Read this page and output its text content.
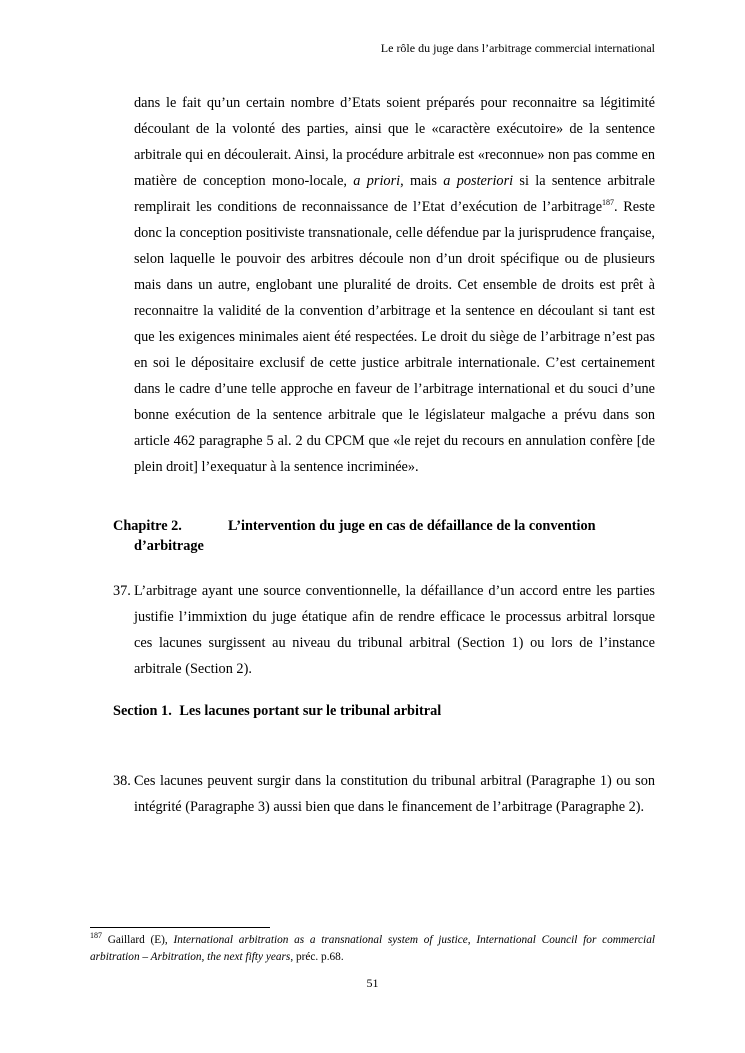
Le rôle du juge dans l’arbitrage commercial international
dans le fait qu’un certain nombre d’Etats soient préparés pour reconnaitre sa légitimité découlant de la volonté des parties, ainsi que le «caractère exécutoire» de la sentence arbitrale qui en découlerait. Ainsi, la procédure arbitrale est «reconnue» non pas comme en matière de conception mono-locale, a priori, mais a posteriori si la sentence arbitrale remplirait les conditions de reconnaissance de l’Etat d’exécution de l’arbitrage$^{187}$. Reste donc la conception positiviste transnationale, celle défendue par la jurisprudence française, selon laquelle le pouvoir des arbitres découle non d’un droit spécifique ou de plusieurs mais dans un autre, englobant une pluralité de droits. Cet ensemble de droits est prêt à reconnaitre la validité de la convention d’arbitrage et la sentence en découlant si tant est que les exigences minimales aient été respectées. Le droit du siège de l’arbitrage n’est pas en soi le dépositaire exclusif de cette justice arbitrale internationale. C’est certainement dans le cadre d’une telle approche en faveur de l’arbitrage international et du souci d’une bonne exécution de la sentence arbitrale que le législateur malgache a prévu dans son article 462 paragraphe 5 al. 2 du CPCM que «le rejet du recours en annulation confère [de plein droit] l’exequatur à la sentence incriminée».
Chapitre 2.	L’intervention du juge en cas de défaillance de la convention
d’arbitrage
37. L’arbitrage ayant une source conventionnelle, la défaillance d’un accord entre les parties justifie l’immixtion du juge étatique afin de rendre efficace le processus arbitral lorsque ces lacunes surgissent au niveau du tribunal arbitral (Section 1) ou lors de l’instance arbitrale (Section 2).
Section 1. Les lacunes portant sur le tribunal arbitral
38. Ces lacunes peuvent surgir dans la constitution du tribunal arbitral (Paragraphe 1) ou son intégrité (Paragraphe 3) aussi bien que dans le financement de l’arbitrage (Paragraphe 2).
$^{187}$ Gaillard (E), International arbitration as a transnational system of justice, International Council for commercial arbitration – Arbitration, the next fifty years, préc. p.68.
51
